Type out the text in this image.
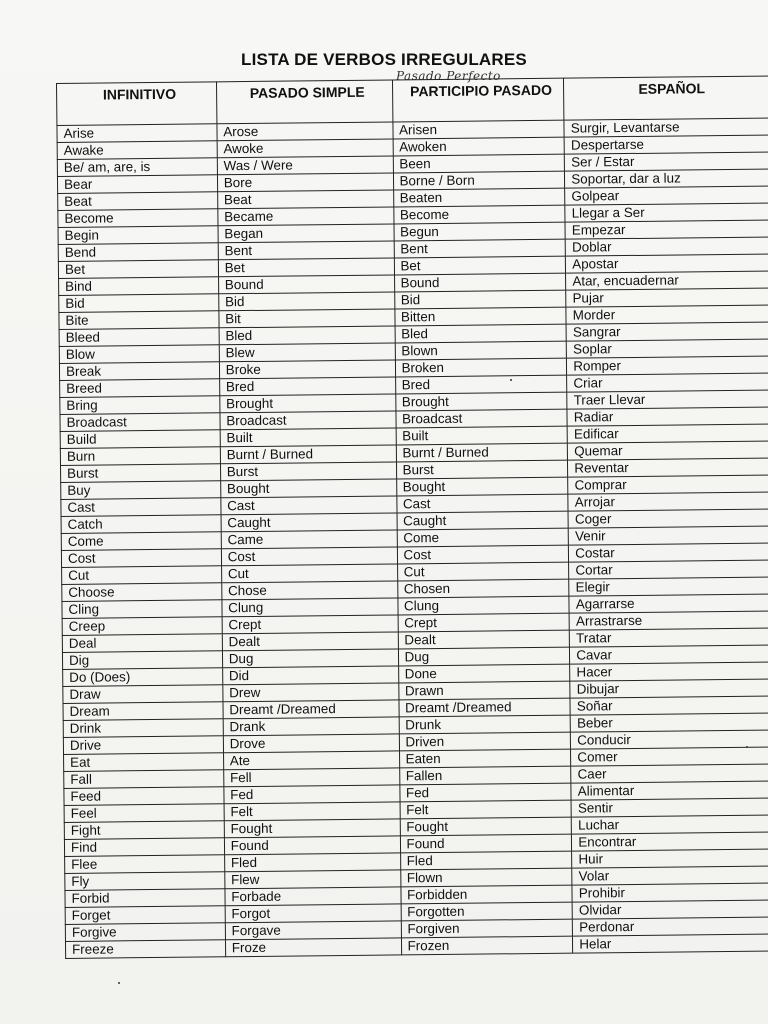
LISTA DE VERBOS IRREGULARES
Pasado Perfecto
INFINITIVO	PASADO SIMPLE	PARTICIPIO PASADO	ESPAÑOL
Arise	Arose	Arisen	Surgir, Levantarse
Awake	Awoke	Awoken	Despertarse
Be/ am, are, is	Was / Were	Been	Ser / Estar
Bear	Bore	Borne / Born	Soportar, dar a luz
Beat	Beat	Beaten	Golpear
Become	Became	Become	Llegar a Ser
Begin	Began	Begun	Empezar
Bend	Bent	Bent	Doblar
Bet	Bet	Bet	Apostar
Bind	Bound	Bound	Atar, encuadernar
Bid	Bid	Bid	Pujar
Bite	Bit	Bitten	Morder
Bleed	Bled	Bled	Sangrar
Blow	Blew	Blown	Soplar
Break	Broke	Broken	Romper
Breed	Bred	Bred	Criar
Bring	Brought	Brought	Traer Llevar
Broadcast	Broadcast	Broadcast	Radiar
Build	Built	Built	Edificar
Burn	Burnt / Burned	Burnt / Burned	Quemar
Burst	Burst	Burst	Reventar
Buy	Bought	Bought	Comprar
Cast	Cast	Cast	Arrojar
Catch	Caught	Caught	Coger
Come	Came	Come	Venir
Cost	Cost	Cost	Costar
Cut	Cut	Cut	Cortar
Choose	Chose	Chosen	Elegir
Cling	Clung	Clung	Agarrarse
Creep	Crept	Crept	Arrastrarse
Deal	Dealt	Dealt	Tratar
Dig	Dug	Dug	Cavar
Do (Does)	Did	Done	Hacer
Draw	Drew	Drawn	Dibujar
Dream	Dreamt /Dreamed	Dreamt /Dreamed	Soñar
Drink	Drank	Drunk	Beber
Drive	Drove	Driven	Conducir
Eat	Ate	Eaten	Comer
Fall	Fell	Fallen	Caer
Feed	Fed	Fed	Alimentar
Feel	Felt	Felt	Sentir
Fight	Fought	Fought	Luchar
Find	Found	Found	Encontrar
Flee	Fled	Fled	Huir
Fly	Flew	Flown	Volar
Forbid	Forbade	Forbidden	Prohibir
Forget	Forgot	Forgotten	Olvidar
Forgive	Forgave	Forgiven	Perdonar
Freeze	Froze	Frozen	Helar
